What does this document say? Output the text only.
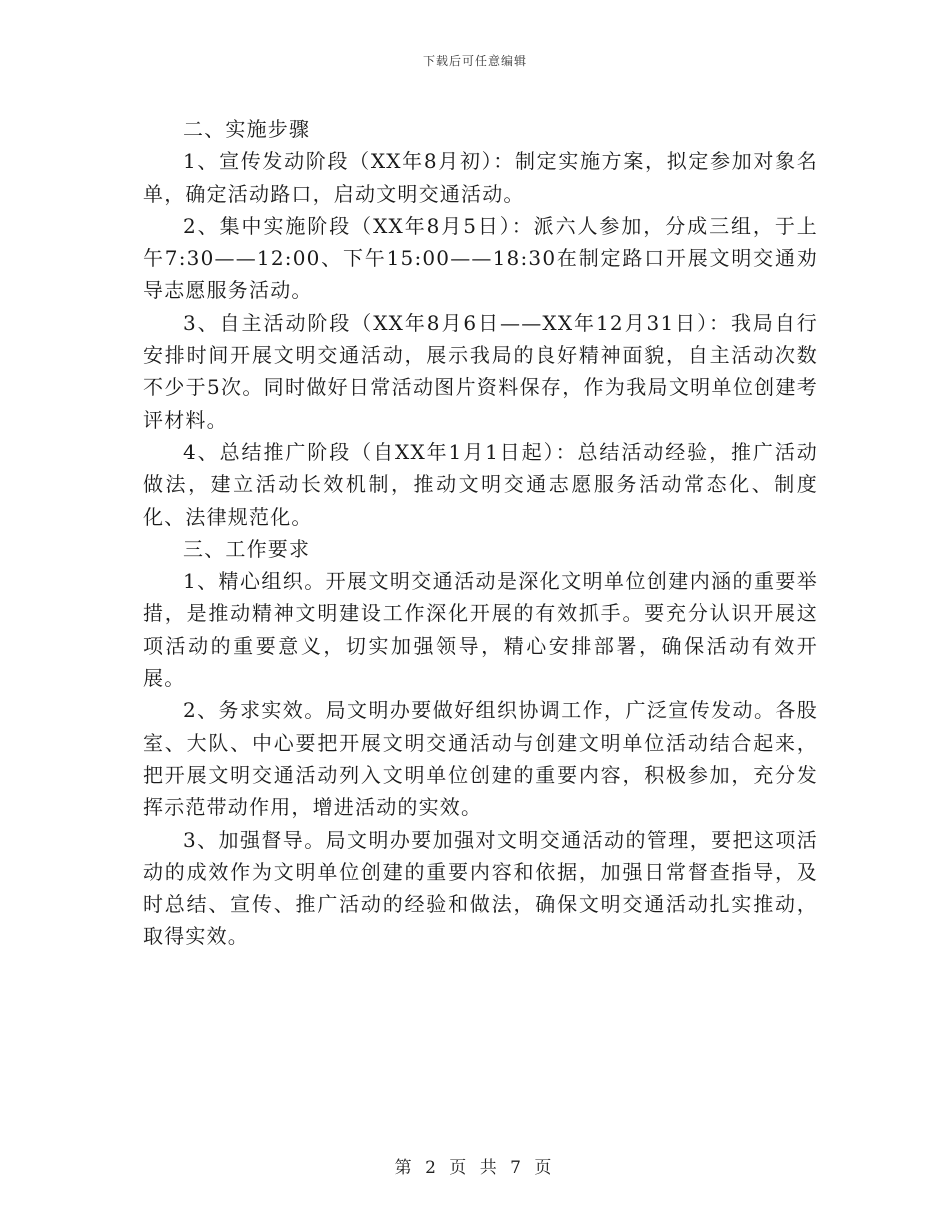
下载后可任意编辑

二、实施步骤

1、宣传发动阶段（XX年8月初）：制定实施方案，拟定参加对象名单，确定活动路口，启动文明交通活动。

2、集中实施阶段（XX年8月5日）：派六人参加，分成三组，于上午7:30——12:00、下午15:00——18:30在制定路口开展文明交通劝导志愿服务活动。

3、自主活动阶段（XX年8月6日——XX年12月31日）：我局自行安排时间开展文明交通活动，展示我局的良好精神面貌，自主活动次数不少于5次。同时做好日常活动图片资料保存，作为我局文明单位创建考评材料。

4、总结推广阶段（自XX年1月1日起）：总结活动经验，推广活动做法，建立活动长效机制，推动文明交通志愿服务活动常态化、制度化、法律规范化。

三、工作要求

1、精心组织。开展文明交通活动是深化文明单位创建内涵的重要举措，是推动精神文明建设工作深化开展的有效抓手。要充分认识开展这项活动的重要意义，切实加强领导，精心安排部署，确保活动有效开展。

2、务求实效。局文明办要做好组织协调工作，广泛宣传发动。各股室、大队、中心要把开展文明交通活动与创建文明单位活动结合起来，把开展文明交通活动列入文明单位创建的重要内容，积极参加，充分发挥示范带动作用，增进活动的实效。

3、加强督导。局文明办要加强对文明交通活动的管理，要把这项活动的成效作为文明单位创建的重要内容和依据，加强日常督查指导，及时总结、宣传、推广活动的经验和做法，确保文明交通活动扎实推动，取得实效。

第 2 页 共 7 页
